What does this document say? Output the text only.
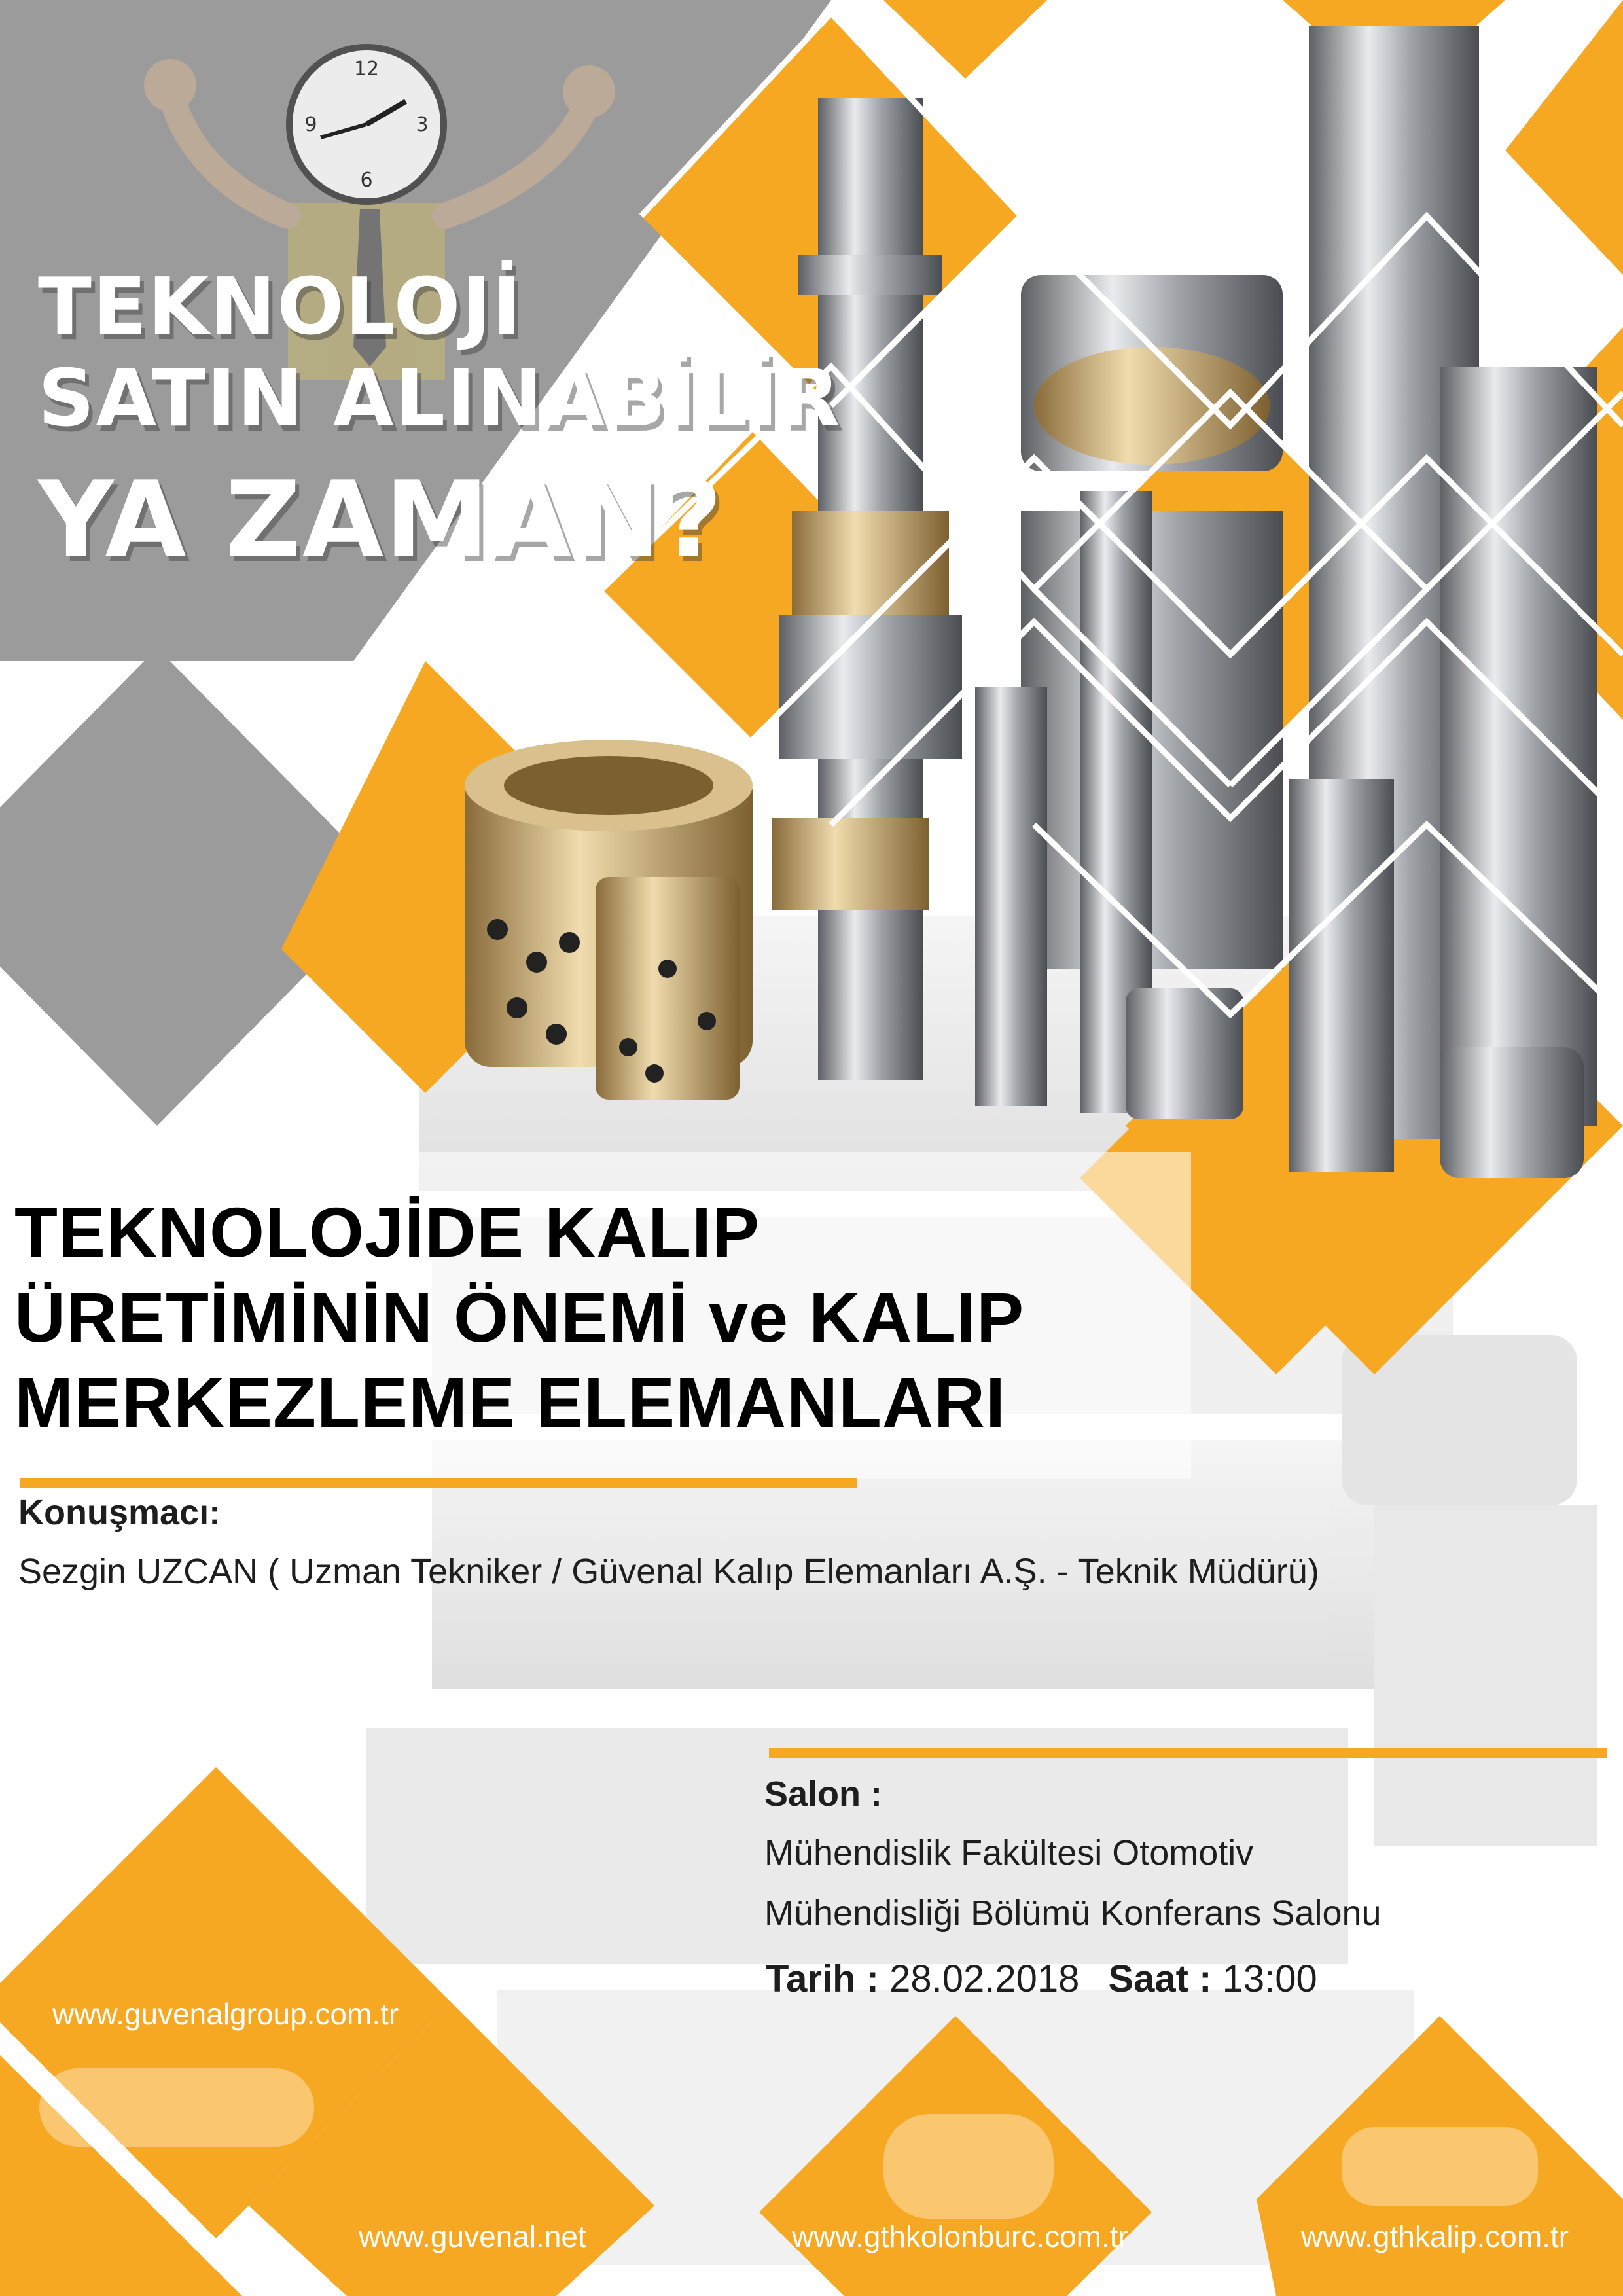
12
3
6
9
TEKNOLOJİ
SATIN ALINABİLİR
YA ZAMAN?
TEKNOLOJİDE KALIP
ÜRETİMİNİN ÖNEMİ ve KALIP
MERKEZLEME ELEMANLARI
Konuşmacı:
Sezgin UZCAN ( Uzman Tekniker / Güvenal Kalıp Elemanları A.Ş. - Teknik Müdürü)
Salon :
Mühendislik Fakültesi Otomotiv
Mühendisliği Bölümü Konferans Salonu
Tarih : 28.02.2018 Saat : 13:00
www.guvenalgroup.com.tr
www.guvenal.net	www.gthkolonburc.com.tr	www.gthkalip.com.tr
